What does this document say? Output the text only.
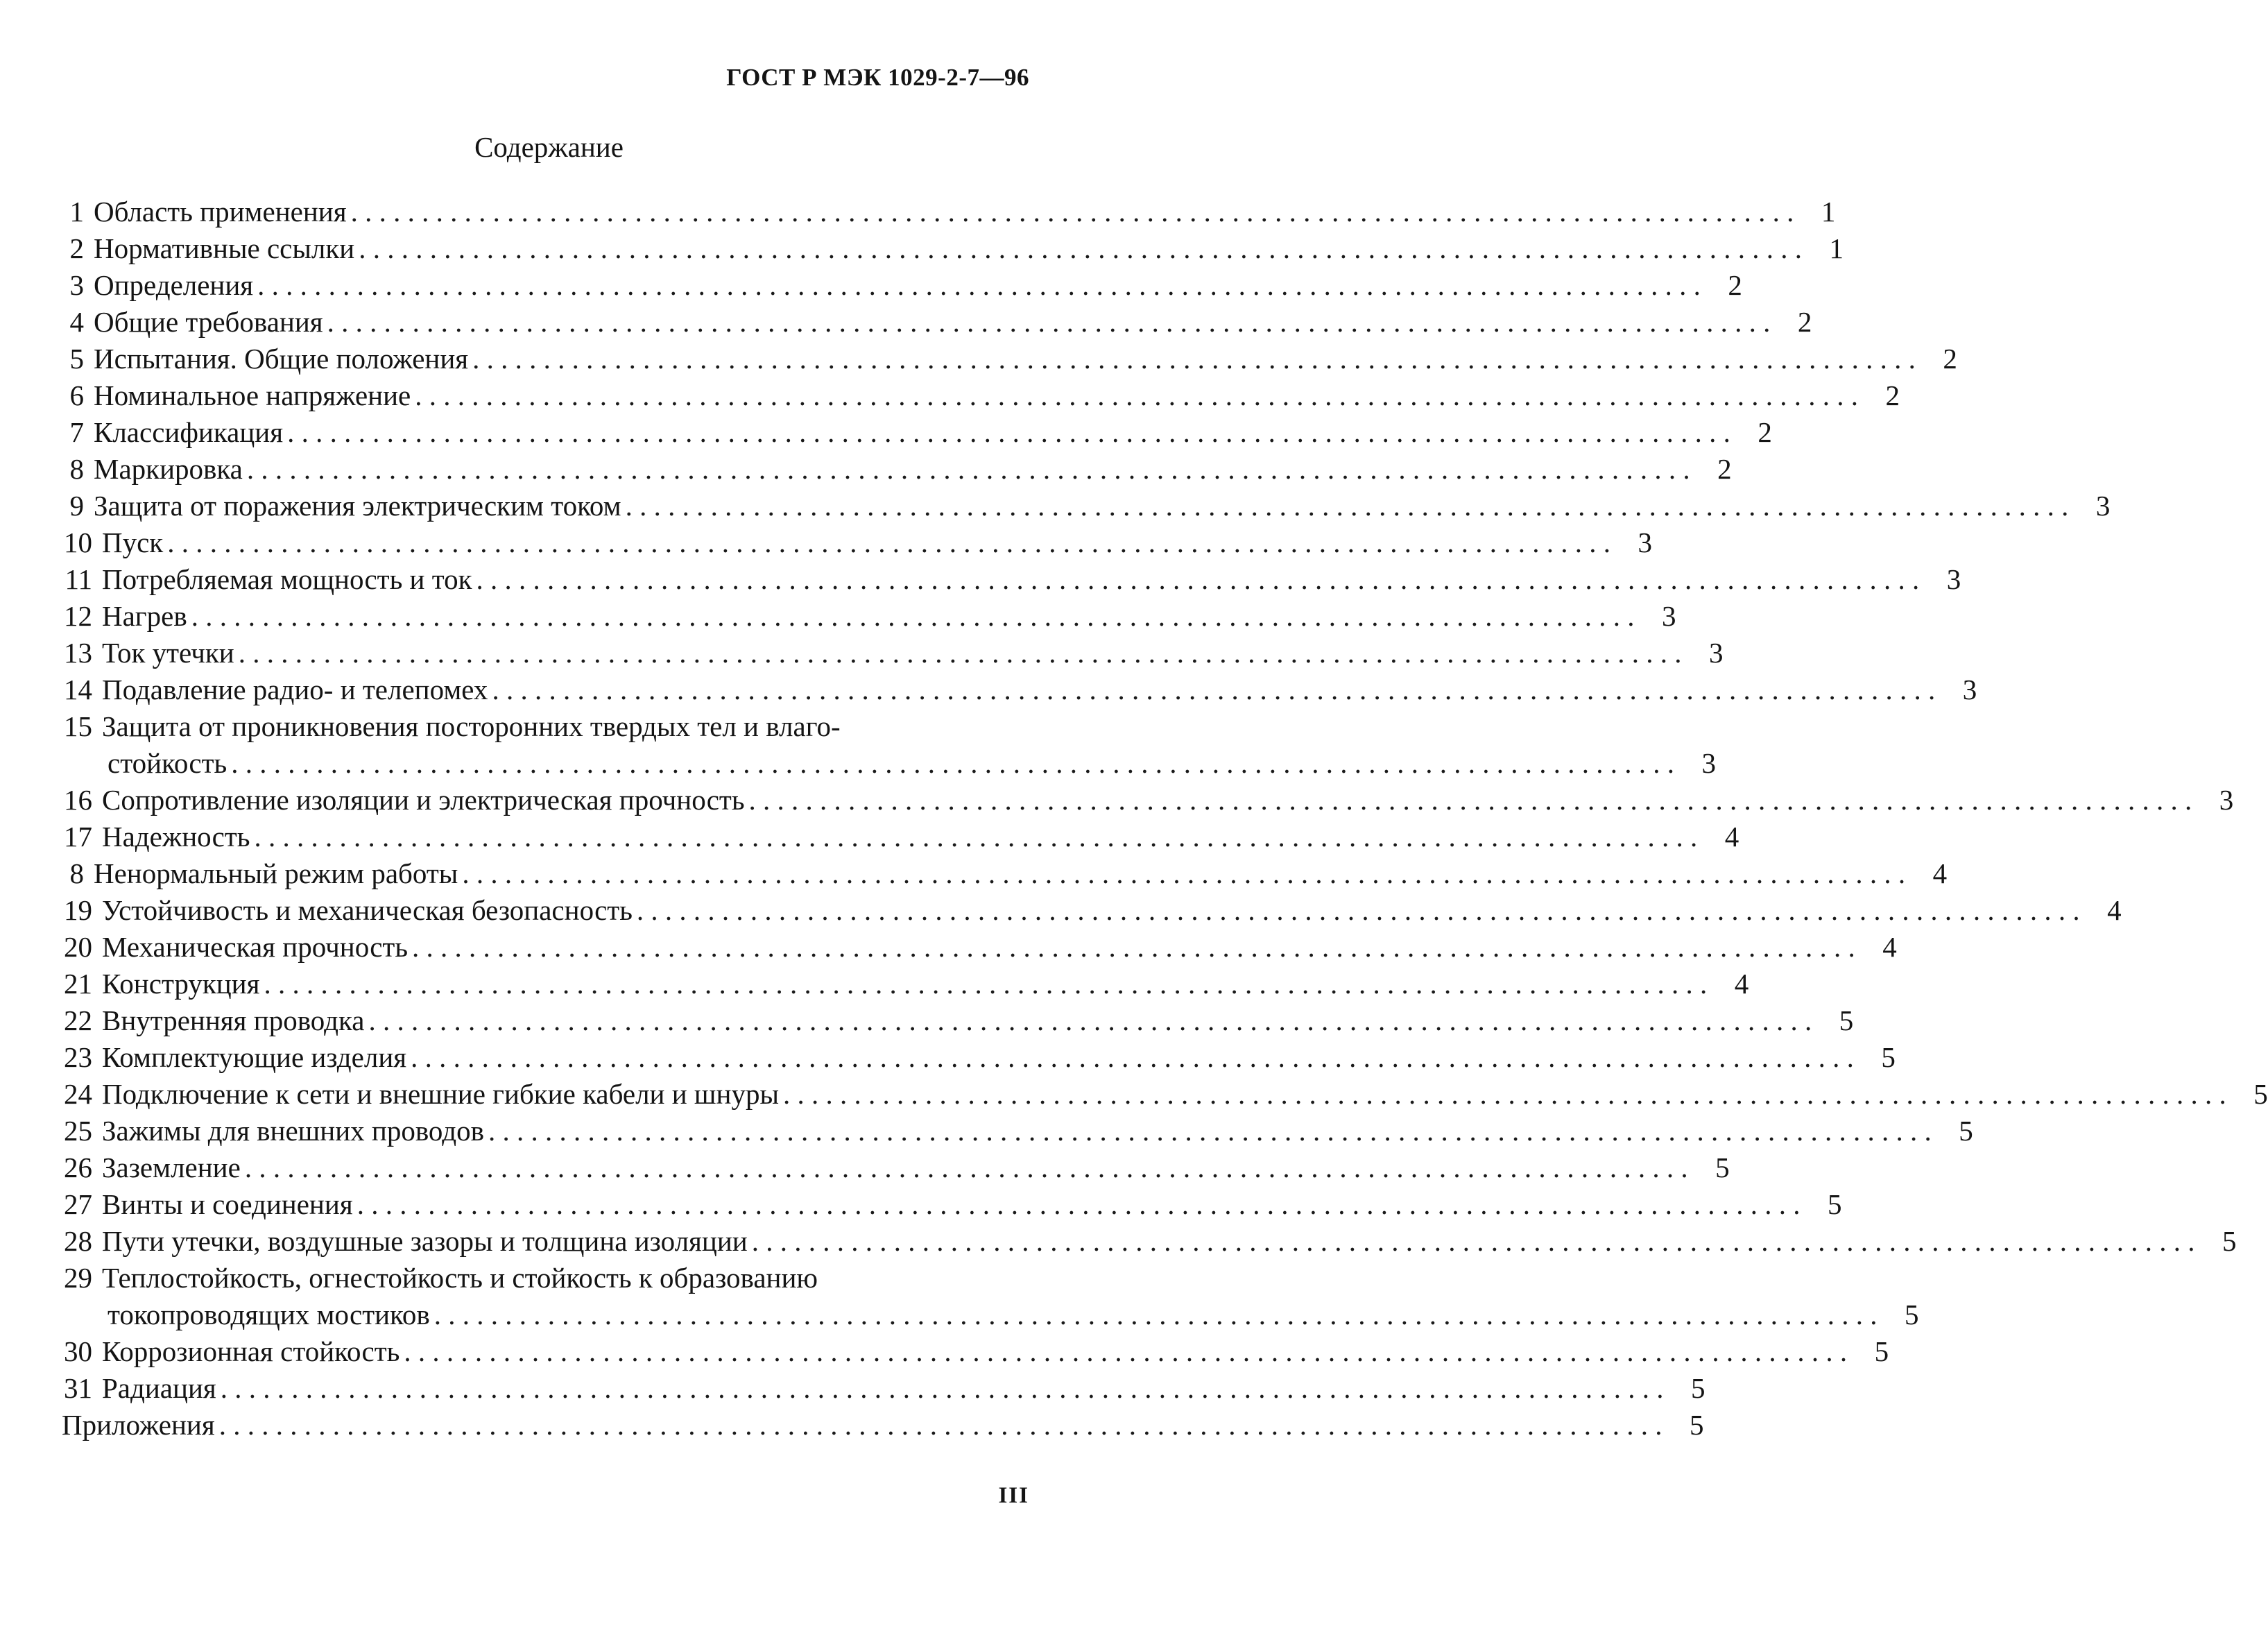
ГОСТ Р МЭК 1029-2-7—96
Содержание
1 Область применения . . .	1
2 Нормативные ссылки . . .	1
3 Определения . . .	2
4 Общие требования . . .	2
5 Испытания. Общие положения . . .	2
6 Номинальное напряжение . . .	2
7 Классификация . . .	2
8 Маркировка . . .	2
9 Защита от поражения электрическим током . . .	3
10 Пуск . . .	3
11 Потребляемая мощность и ток . . .	3
12 Нагрев . . .	3
13 Ток утечки . . .	3
14 Подавление радио- и телепомех . . .	3
15 Защита от проникновения посторонних твердых тел и влаго-
стойкость . . .	3
16 Сопротивление изоляции и электрическая прочность . . .	3
17 Надежность . . .	4
8 Ненормальный режим работы . . .	4
19 Устойчивость и механическая безопасность . . .	4
20 Механическая прочность . . .	4
21 Конструкция . . .	4
22 Внутренняя проводка . . .	5
23 Комплектующие изделия . . .	5
24 Подключение к сети и внешние гибкие кабели и шнуры . . .	5
25 Зажимы для внешних проводов . . .	5
26 Заземление . . .	5
27 Винты и соединения . . .	5
28 Пути утечки, воздушные зазоры и толщина изоляции . . .	5
29 Теплостойкость, огнестойкость и стойкость к образованию
токопроводящих мостиков . . .	5
30 Коррозионная стойкость . . .	5
31 Радиация . . .	5
Приложения . . .	5
III
